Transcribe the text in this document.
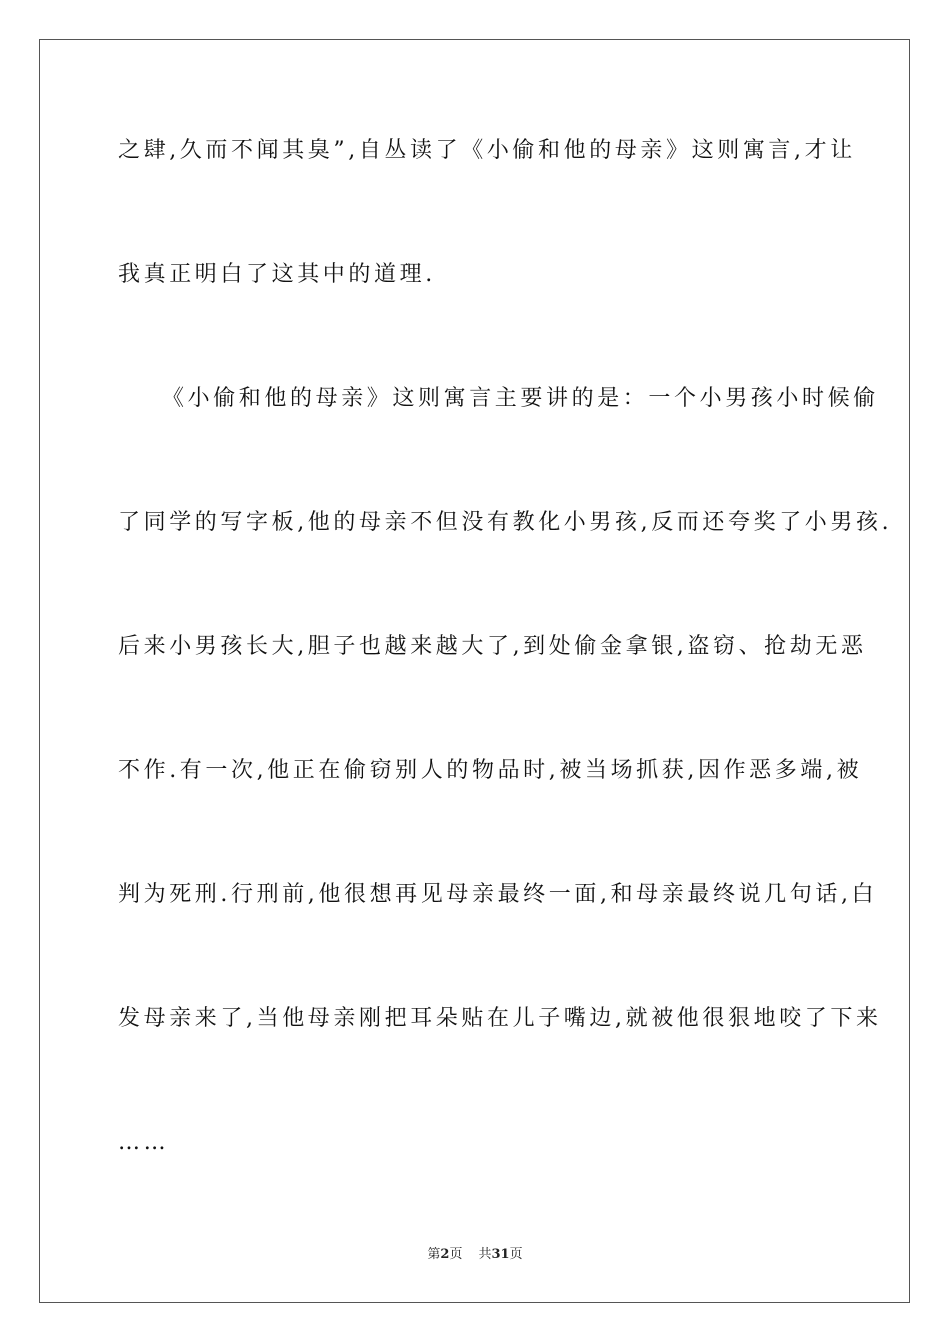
之肆,久而不闻其臭”,自丛读了《小偷和他的母亲》这则寓言,才让
我真正明白了这其中的道理.
《小偷和他的母亲》这则寓言主要讲的是：一个小男孩小时候偷
了同学的写字板,他的母亲不但没有教化小男孩,反而还夸奖了小男孩.
后来小男孩长大,胆子也越来越大了,到处偷金拿银,盗窃、抢劫无恶
不作.有一次,他正在偷窃别人的物品时,被当场抓获,因作恶多端,被
判为死刑.行刑前,他很想再见母亲最终一面,和母亲最终说几句话,白
发母亲来了,当他母亲刚把耳朵贴在儿子嘴边,就被他很狠地咬了下来
……
第2页 共31页
